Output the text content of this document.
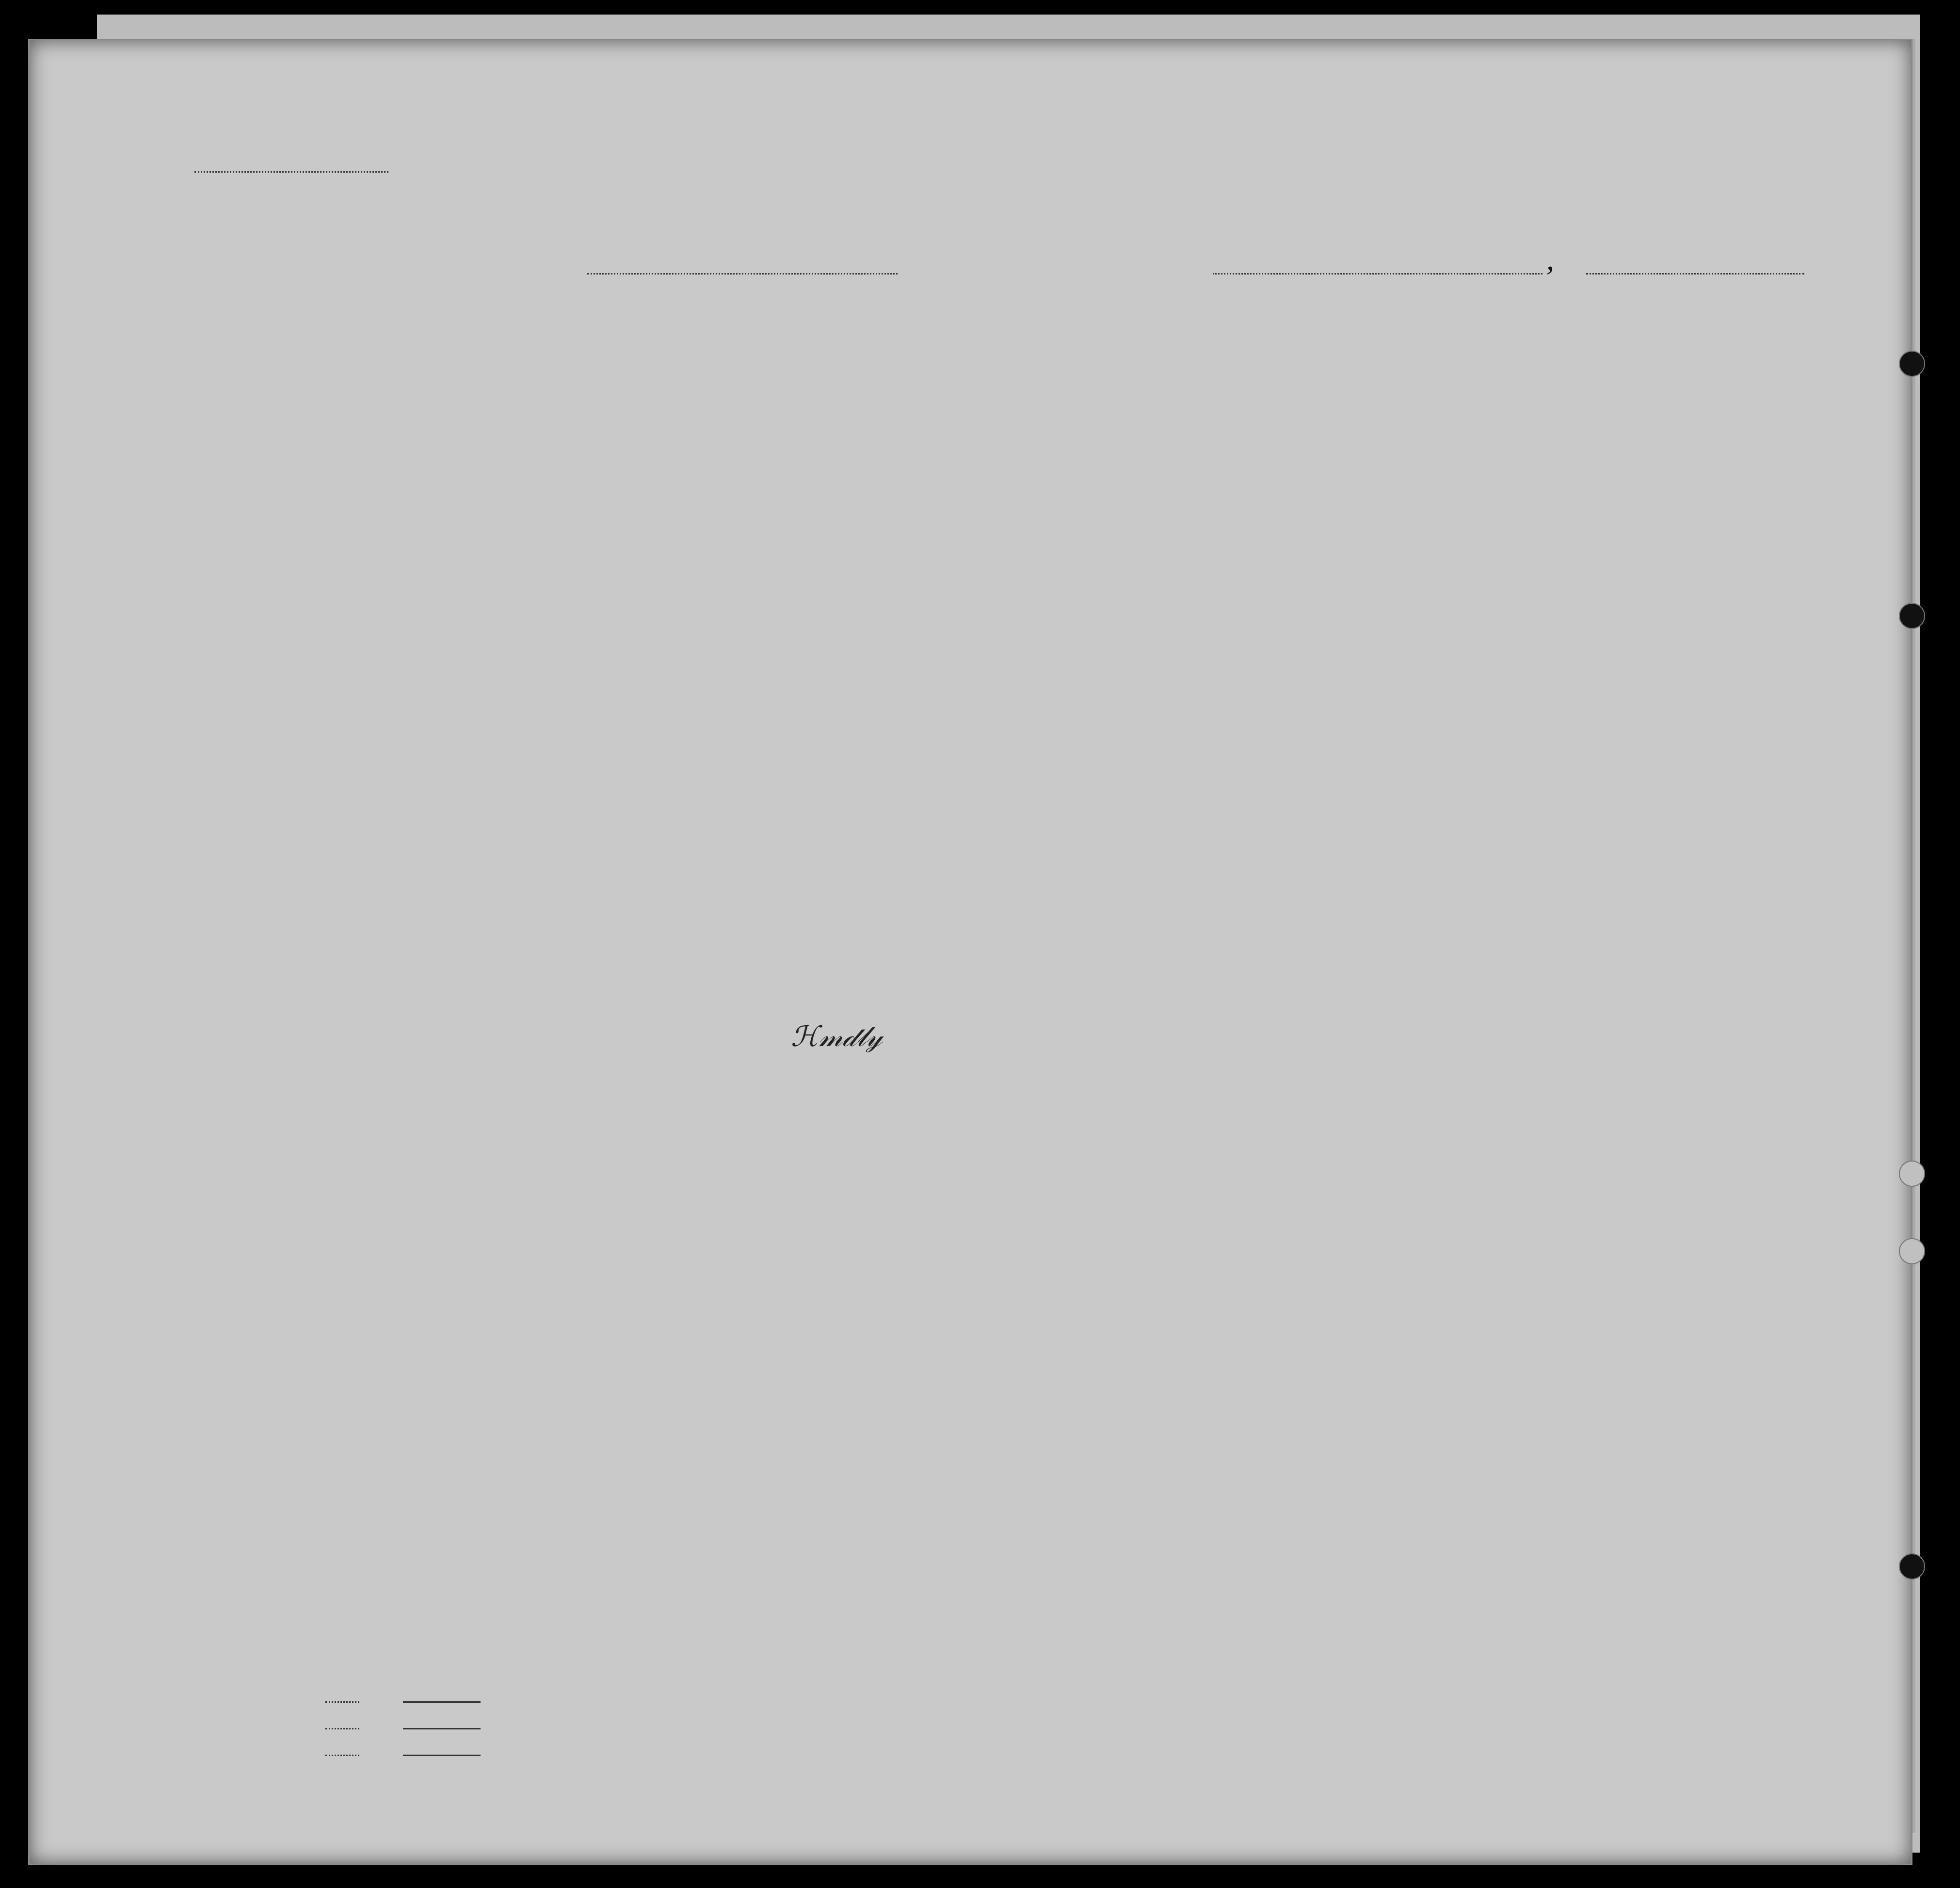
,
ℋ𝓂𝒹𝓁𝓎
